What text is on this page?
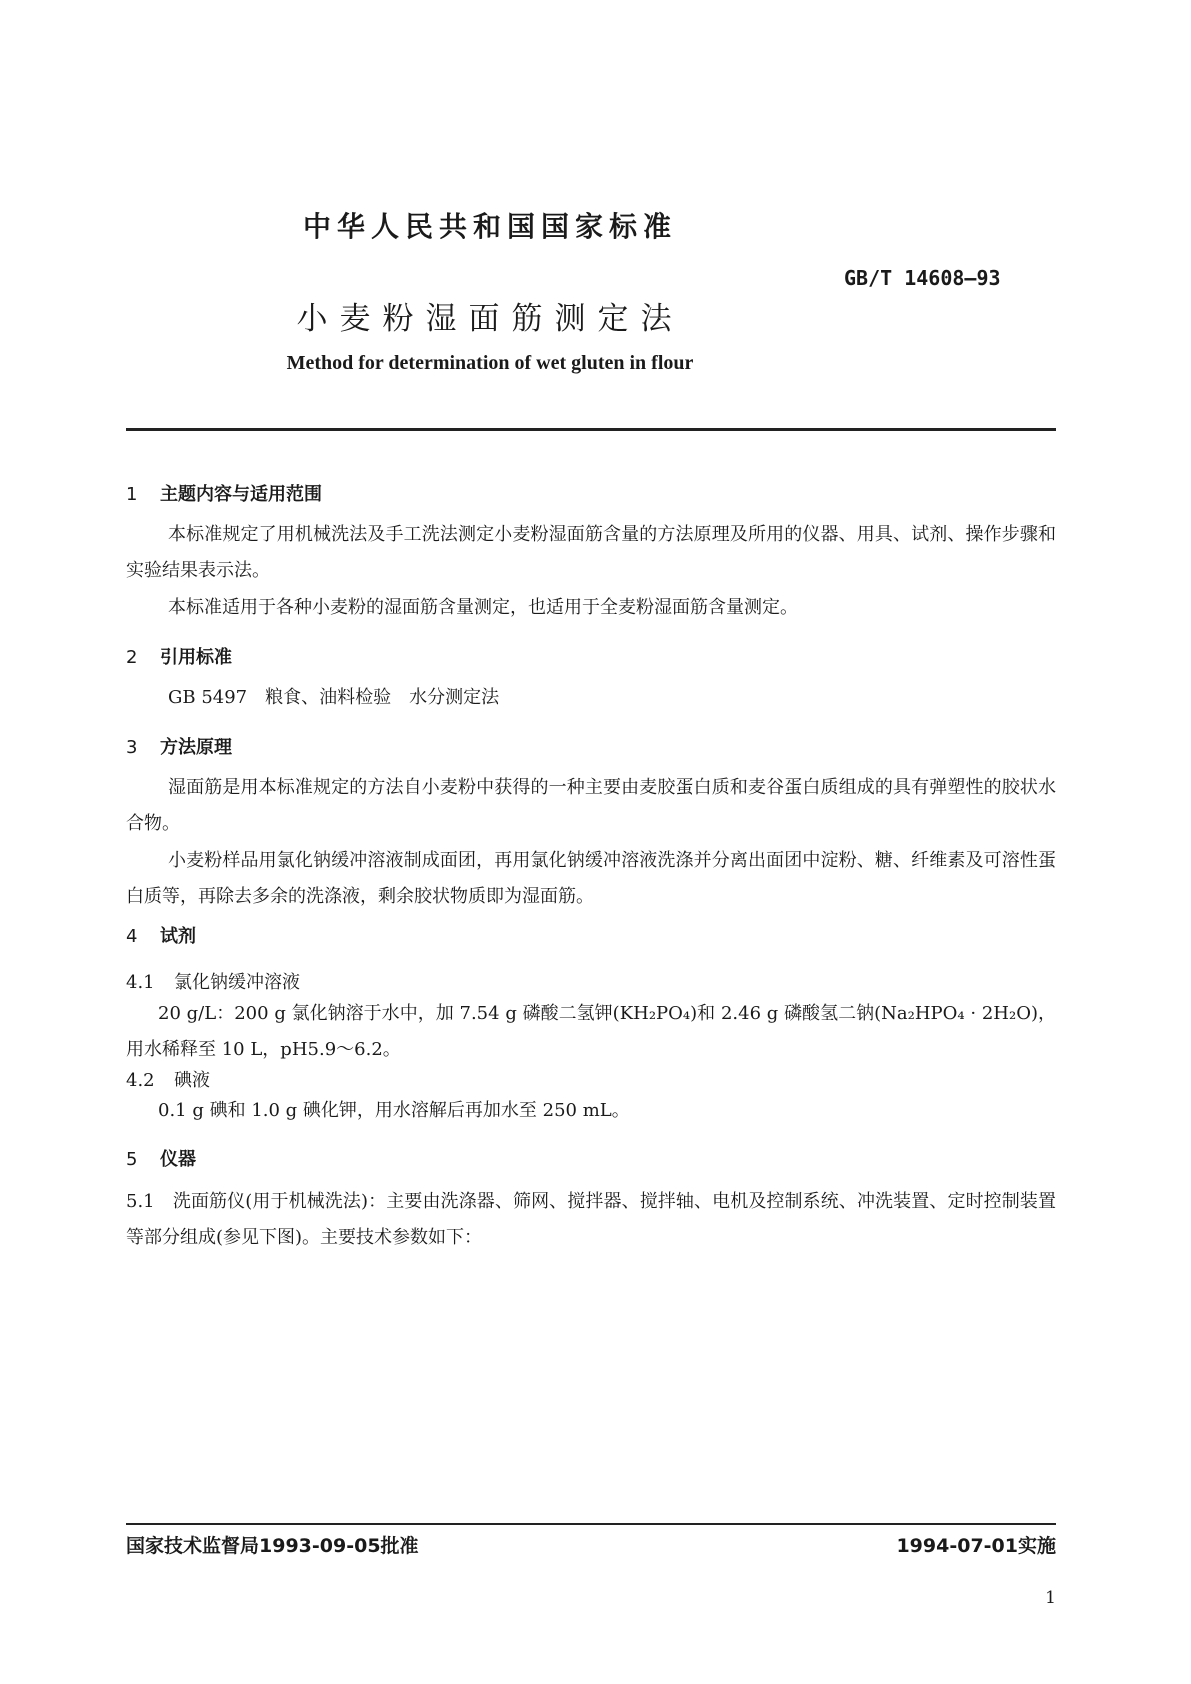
中华人民共和国国家标准
GB/T 14608—93
小麦粉湿面筋测定法
Method for determination of wet gluten in flour
1 主题内容与适用范围
本标准规定了用机械洗法及手工洗法测定小麦粉湿面筋含量的方法原理及所用的仪器、用具、试剂、操作步骤和实验结果表示法。
本标准适用于各种小麦粉的湿面筋含量测定，也适用于全麦粉湿面筋含量测定。
2 引用标准
GB 5497　粮食、油料检验　水分测定法
3 方法原理
湿面筋是用本标准规定的方法自小麦粉中获得的一种主要由麦胶蛋白质和麦谷蛋白质组成的具有弹塑性的胶状水合物。
小麦粉样品用氯化钠缓冲溶液制成面团，再用氯化钠缓冲溶液洗涤并分离出面团中淀粉、糖、纤维素及可溶性蛋白质等，再除去多余的洗涤液，剩余胶状物质即为湿面筋。
4 试剂
4.1 氯化钠缓冲溶液
20 g/L：200 g 氯化钠溶于水中，加 7.54 g 磷酸二氢钾(KH₂PO₄)和 2.46 g 磷酸氢二钠(Na₂HPO₄ · 2H₂O)，用水稀释至 10 L，pH5.9～6.2。
4.2 碘液
0.1 g 碘和 1.0 g 碘化钾，用水溶解后再加水至 250 mL。
5 仪器
5.1　洗面筋仪(用于机械洗法)：主要由洗涤器、筛网、搅拌器、搅拌轴、电机及控制系统、冲洗装置、定时控制装置等部分组成(参见下图)。主要技术参数如下：
国家技术监督局1993-09-05批准	1994-07-01实施
1
